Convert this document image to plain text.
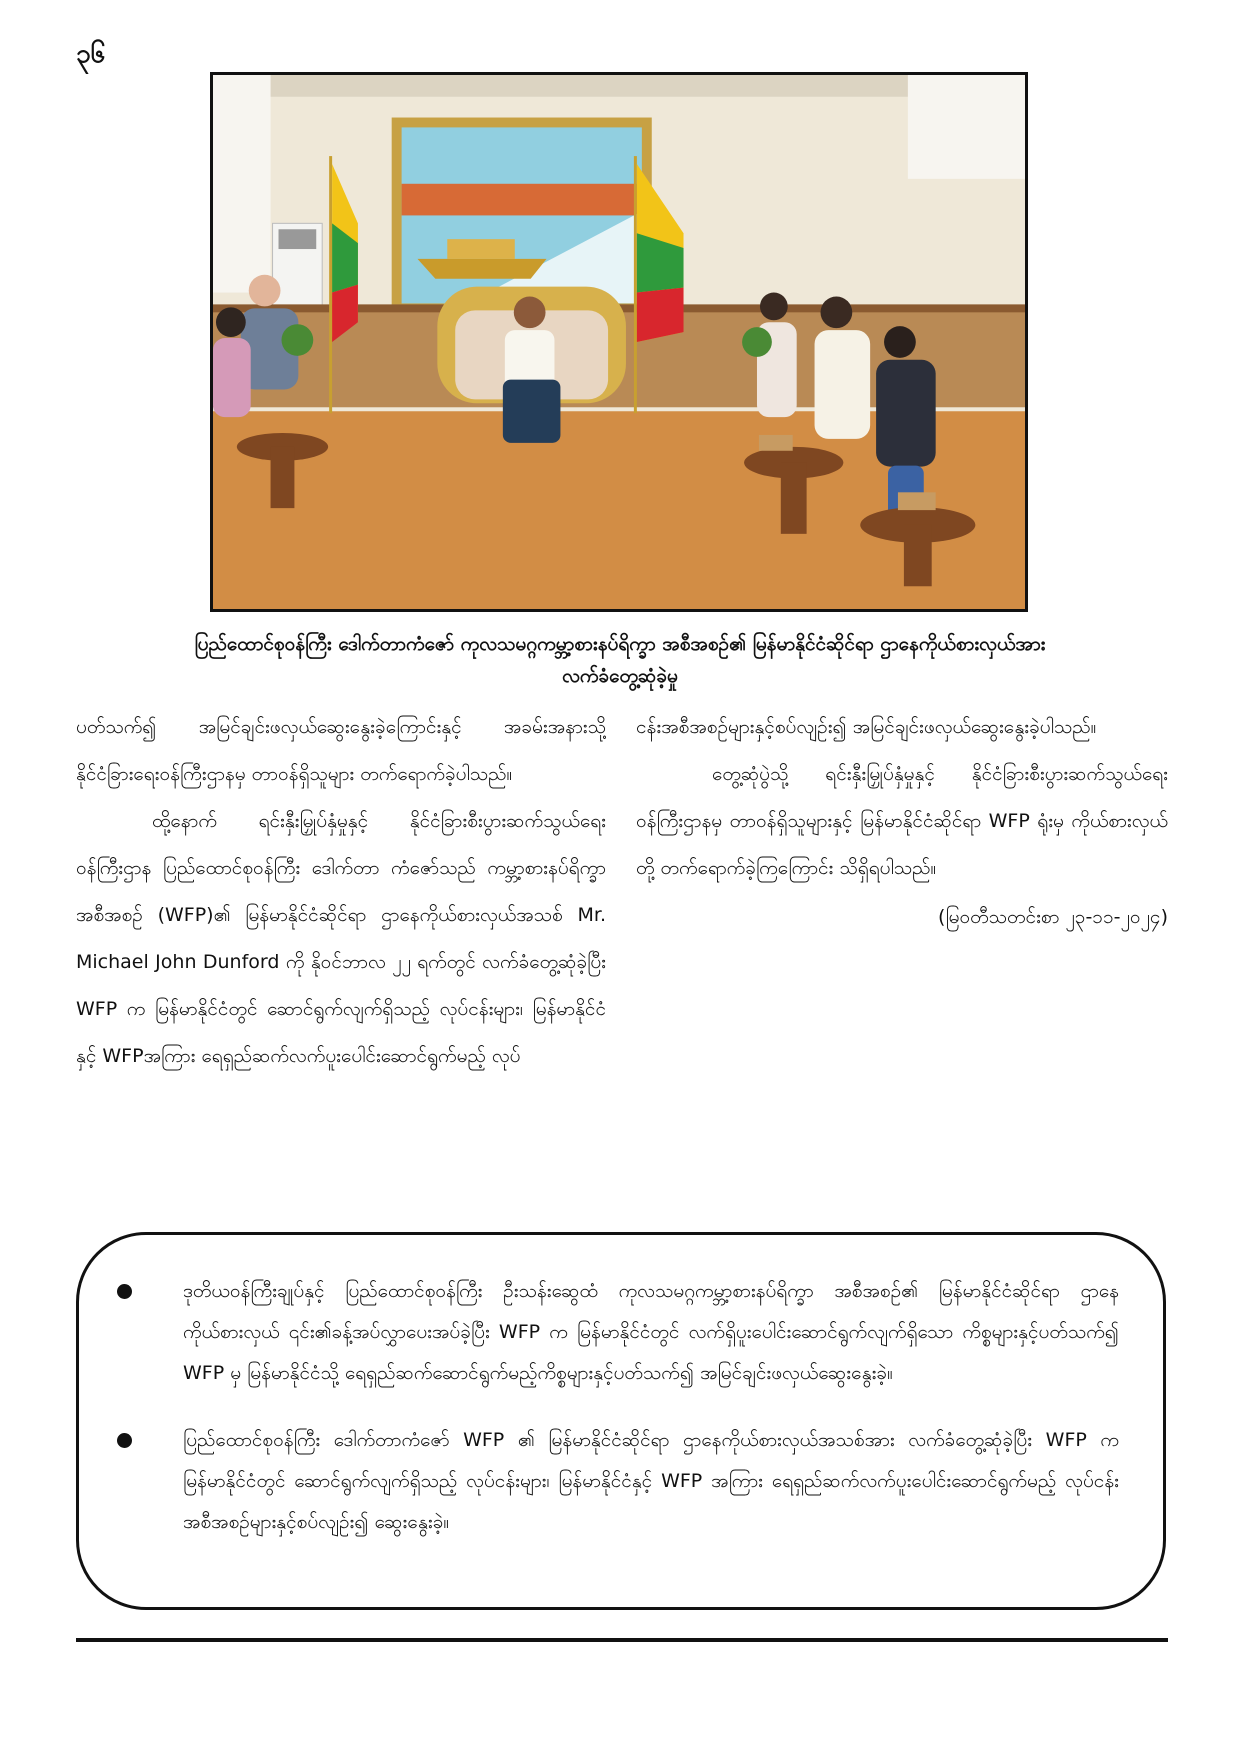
၃၆
ပြည်ထောင်စုဝန်ကြီး ဒေါက်တာကံဇော် ကုလသမဂ္ဂကမ္ဘာ့စားနပ်ရိက္ခာ အစီအစဉ်၏ မြန်မာနိုင်ငံဆိုင်ရာ ဌာနေကိုယ်စားလှယ်အား
လက်ခံတွေ့ဆုံခဲ့မှု

ပတ်သက်၍ အမြင်ချင်းဖလှယ်ဆွေးနွေးခဲ့ကြောင်းနှင့် အခမ်းအနားသို့ နိုင်ငံခြားရေးဝန်ကြီးဌာနမှ တာဝန်ရှိသူများ တက်ရောက်ခဲ့ပါသည်။

ထို့နောက် ရင်းနှီးမြှုပ်နှံမှုနှင့် နိုင်ငံခြားစီးပွားဆက်သွယ်ရေးဝန်ကြီးဌာန ပြည်ထောင်စုဝန်ကြီး ဒေါက်တာ ကံဇော်သည် ကမ္ဘာ့စားနပ်ရိက္ခာအစီအစဉ် (WFP)၏ မြန်မာနိုင်ငံဆိုင်ရာ ဌာနေကိုယ်စားလှယ်အသစ် Mr. Michael John Dunford ကို နိုဝင်ဘာလ ၂၂ ရက်တွင် လက်ခံတွေ့ဆုံခဲ့ပြီး WFP က မြန်မာနိုင်ငံတွင် ဆောင်ရွက်လျက်ရှိသည့် လုပ်ငန်းများ၊ မြန်မာနိုင်ငံနှင့် WFPအကြား ရေရှည်ဆက်လက်ပူးပေါင်းဆောင်ရွက်မည့် လုပ်

ငန်းအစီအစဉ်များနှင့်စပ်လျဉ်း၍ အမြင်ချင်းဖလှယ်ဆွေးနွေးခဲ့ပါသည်။

တွေ့ဆုံပွဲသို့ ရင်းနှီးမြှုပ်နှံမှုနှင့် နိုင်ငံခြားစီးပွားဆက်သွယ်ရေးဝန်ကြီးဌာနမှ တာဝန်ရှိသူများနှင့် မြန်မာနိုင်ငံဆိုင်ရာ WFP ရုံးမှ ကိုယ်စားလှယ်တို့ တက်ရောက်ခဲ့ကြကြောင်း သိရှိရပါသည်။

(မြဝတီသတင်းစာ ၂၃-၁၁-၂၀၂၄)

ဒုတိယဝန်ကြီးချုပ်နှင့် ပြည်ထောင်စုဝန်ကြီး ဦးသန်းဆွေထံ ကုလသမဂ္ဂကမ္ဘာ့စားနပ်ရိက္ခာ အစီအစဉ်၏ မြန်မာနိုင်ငံဆိုင်ရာ ဌာနေကိုယ်စားလှယ် ၎င်း၏ခန့်အပ်လွှာပေးအပ်ခဲ့ပြီး WFP က မြန်မာနိုင်ငံတွင် လက်ရှိပူးပေါင်းဆောင်ရွက်လျက်ရှိသော ကိစ္စများနှင့်ပတ်သက်၍ WFP မှ မြန်မာနိုင်ငံသို့ ရေရှည်ဆက်ဆောင်ရွက်မည့်ကိစ္စများနှင့်ပတ်သက်၍ အမြင်ချင်းဖလှယ်ဆွေးနွေးခဲ့။
ပြည်ထောင်စုဝန်ကြီး ဒေါက်တာကံဇော် WFP ၏ မြန်မာနိုင်ငံဆိုင်ရာ ဌာနေကိုယ်စားလှယ်အသစ်အား လက်ခံတွေ့ဆုံခဲ့ပြီး WFP က မြန်မာနိုင်ငံတွင် ဆောင်ရွက်လျက်ရှိသည့် လုပ်ငန်းများ၊ မြန်မာနိုင်ငံနှင့် WFP အကြား ရေရှည်ဆက်လက်ပူးပေါင်းဆောင်ရွက်မည့် လုပ်ငန်းအစီအစဉ်များနှင့်စပ်လျဉ်း၍ ဆွေးနွေးခဲ့။
